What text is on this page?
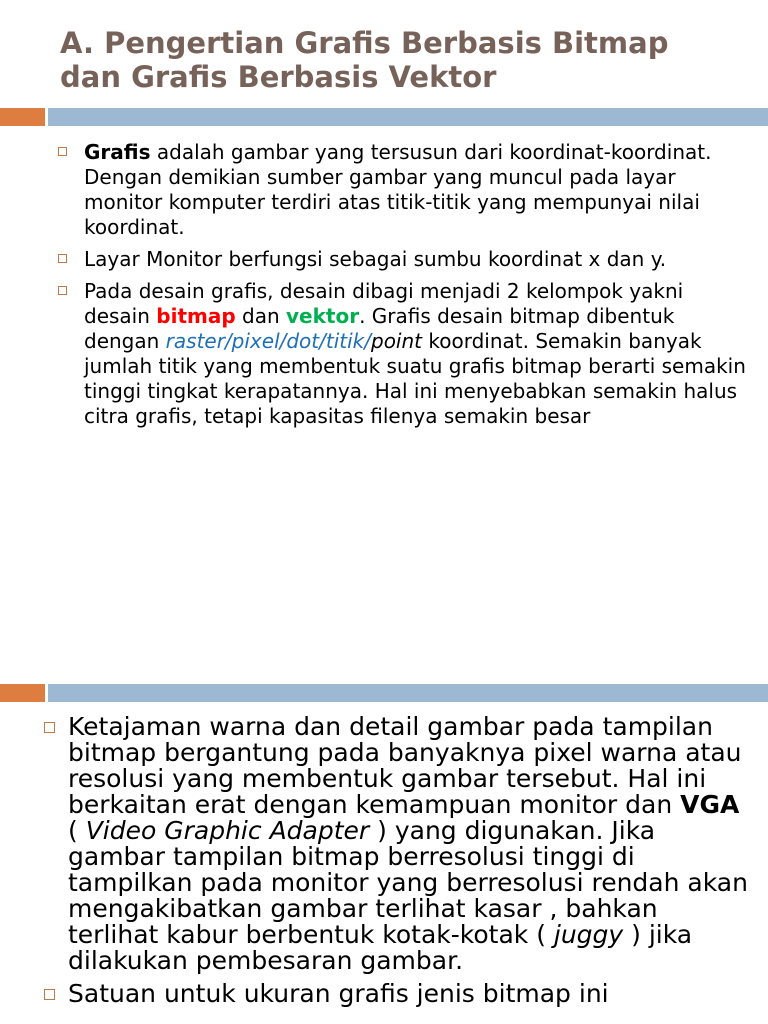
A. Pengertian Grafis Berbasis Bitmap
dan Grafis Berbasis Vektor
Grafis adalah gambar yang tersusun dari koordinat-koordinat. Dengan demikian sumber gambar yang muncul pada layar monitor komputer terdiri atas titik-titik yang mempunyai nilai koordinat.
Layar Monitor berfungsi sebagai sumbu koordinat x dan y.
Pada desain grafis, desain dibagi menjadi 2 kelompok yakni desain bitmap dan vektor. Grafis desain bitmap dibentuk dengan raster/pixel/dot/titik/point koordinat. Semakin banyak jumlah titik yang membentuk suatu grafis bitmap berarti semakin tinggi tingkat kerapatannya. Hal ini menyebabkan semakin halus citra grafis, tetapi kapasitas filenya semakin besar
Ketajaman warna dan detail gambar pada tampilan bitmap bergantung pada banyaknya pixel warna atau resolusi yang membentuk gambar tersebut. Hal ini berkaitan erat dengan kemampuan monitor dan VGA ( Video Graphic Adapter ) yang digunakan. Jika gambar tampilan bitmap berresolusi tinggi di tampilkan pada monitor yang berresolusi rendah akan mengakibatkan gambar terlihat kasar , bahkan terlihat kabur berbentuk kotak-kotak ( juggy ) jika dilakukan pembesaran gambar.
Satuan untuk ukuran grafis jenis bitmap ini
